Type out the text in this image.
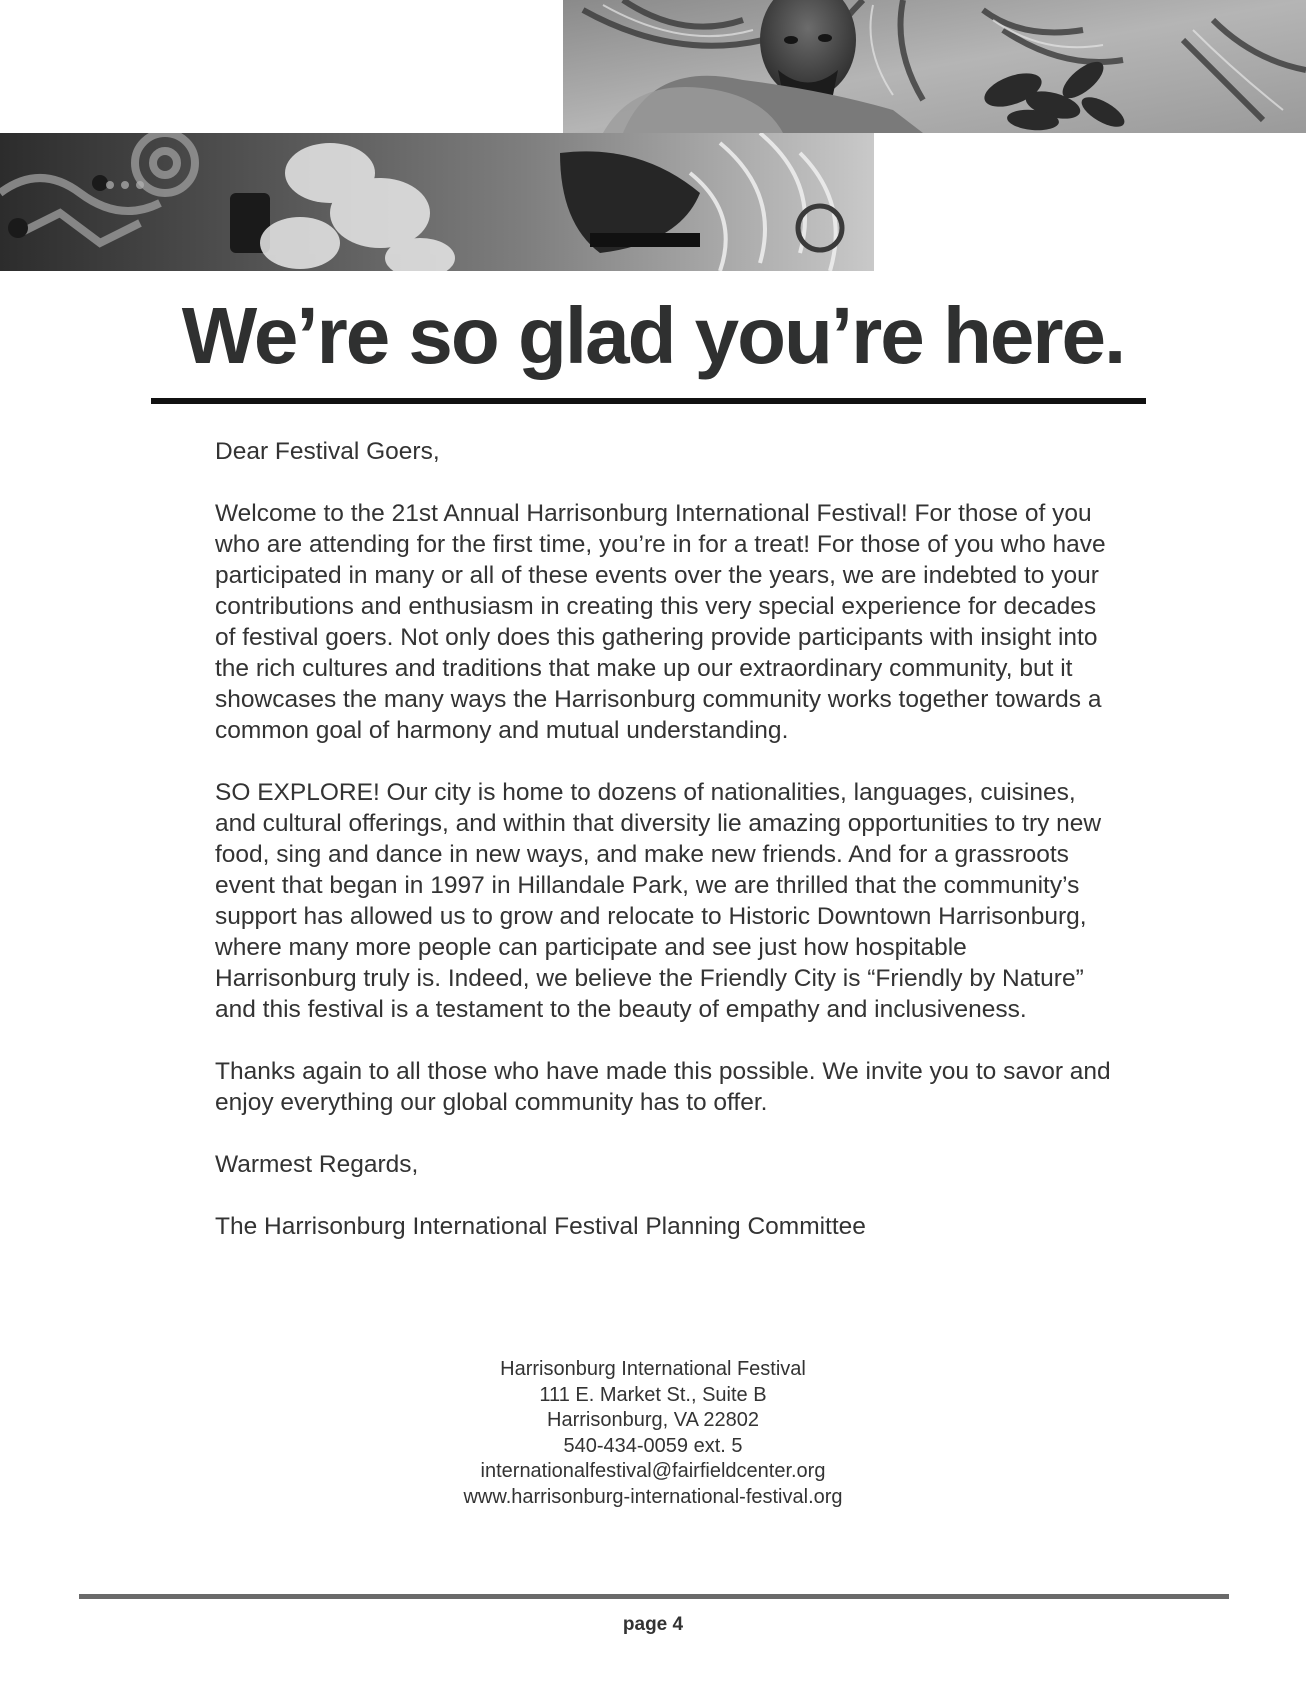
We’re so glad you’re here.

Dear Festival Goers,

Welcome to the 21st Annual Harrisonburg International Festival! For those of you who are attending for the first time, you’re in for a treat! For those of you who have participated in many or all of these events over the years, we are indebted to your contributions and enthusiasm in creating this very special experience for decades of festival goers. Not only does this gathering provide participants with insight into the rich cultures and traditions that make up our extraordinary community, but it showcases the many ways the Harrisonburg community works together towards a common goal of harmony and mutual understanding.

SO EXPLORE! Our city is home to dozens of nationalities, languages, cuisines, and cultural offerings, and within that diversity lie amazing opportunities to try new food, sing and dance in new ways, and make new friends. And for a grassroots event that began in 1997 in Hillandale Park, we are thrilled that the community’s support has allowed us to grow and relocate to Historic Downtown Harrisonburg, where many more people can participate and see just how hospitable Harrisonburg truly is. Indeed, we believe the Friendly City is “Friendly by Nature” and this festival is a testament to the beauty of empathy and inclusiveness.

Thanks again to all those who have made this possible. We invite you to savor and enjoy everything our global community has to offer.

Warmest Regards,

The Harrisonburg International Festival Planning Committee

Harrisonburg International Festival
111 E. Market St., Suite B
Harrisonburg, VA 22802
540-434-0059 ext. 5
internationalfestival@fairfieldcenter.org
www.harrisonburg-international-festival.org
page 4
